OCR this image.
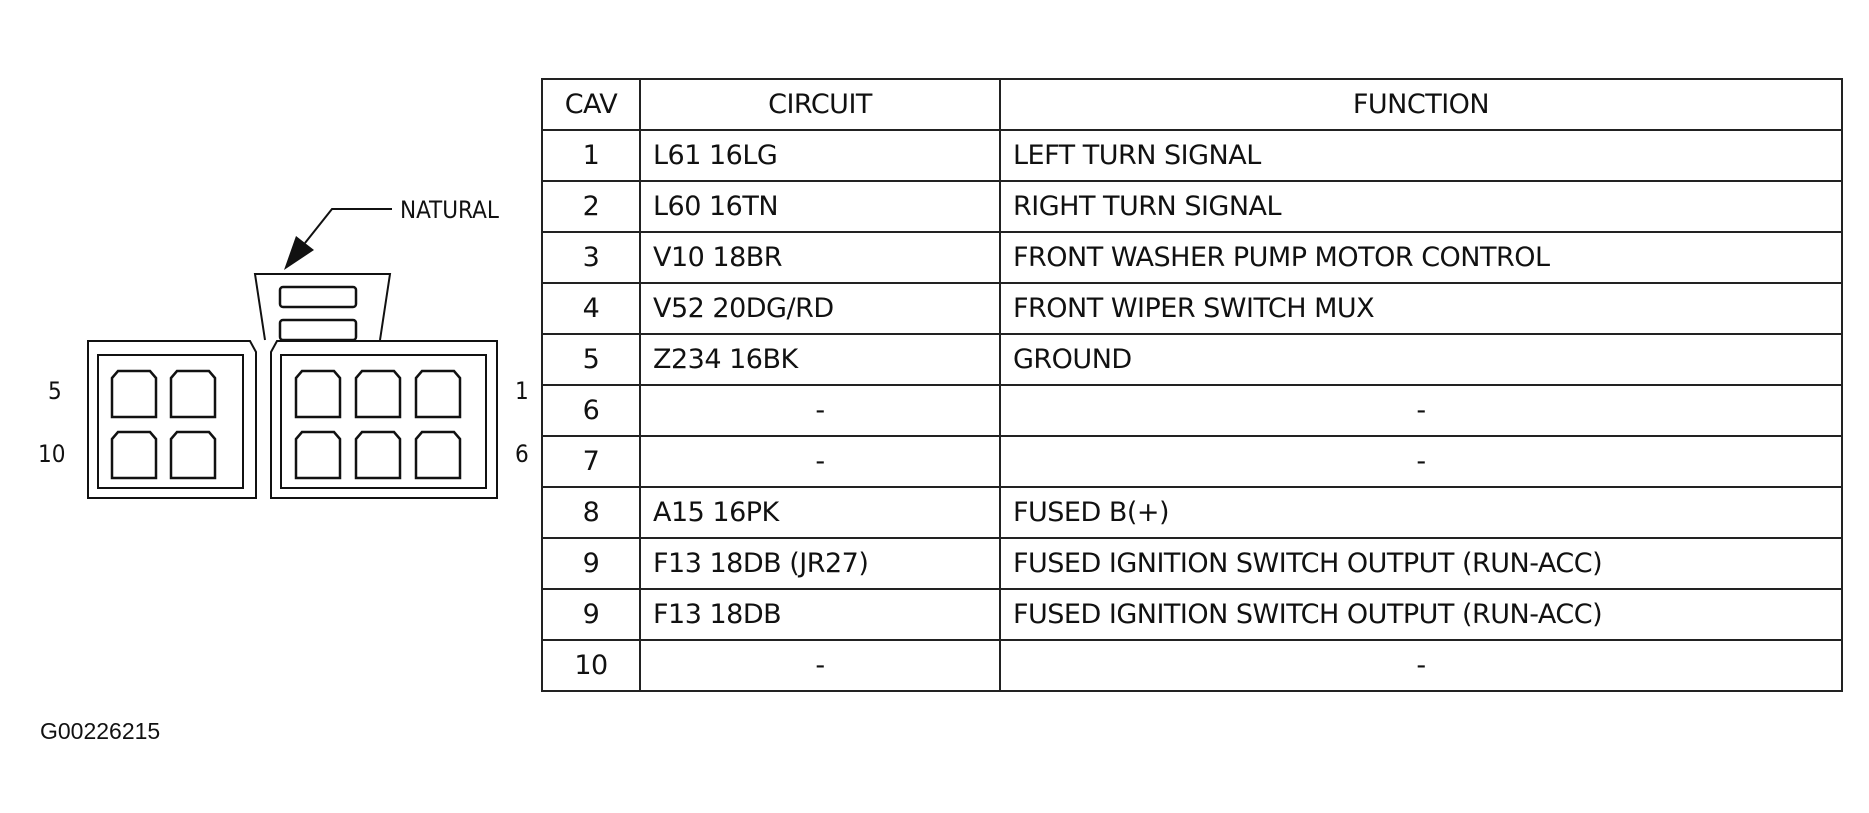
NATURAL
5
10
1
6
CAV	CIRCUIT	FUNCTION
1	L61 16LG	LEFT TURN SIGNAL
2	L60 16TN	RIGHT TURN SIGNAL
3	V10 18BR	FRONT WASHER PUMP MOTOR CONTROL
4	V52 20DG/RD	FRONT WIPER SWITCH MUX
5	Z234 16BK	GROUND
6	-	-
7	-	-
8	A15 16PK	FUSED B(+)
9	F13 18DB (JR27)	FUSED IGNITION SWITCH OUTPUT (RUN-ACC)
9	F13 18DB	FUSED IGNITION SWITCH OUTPUT (RUN-ACC)
10	-	-
G00226215
